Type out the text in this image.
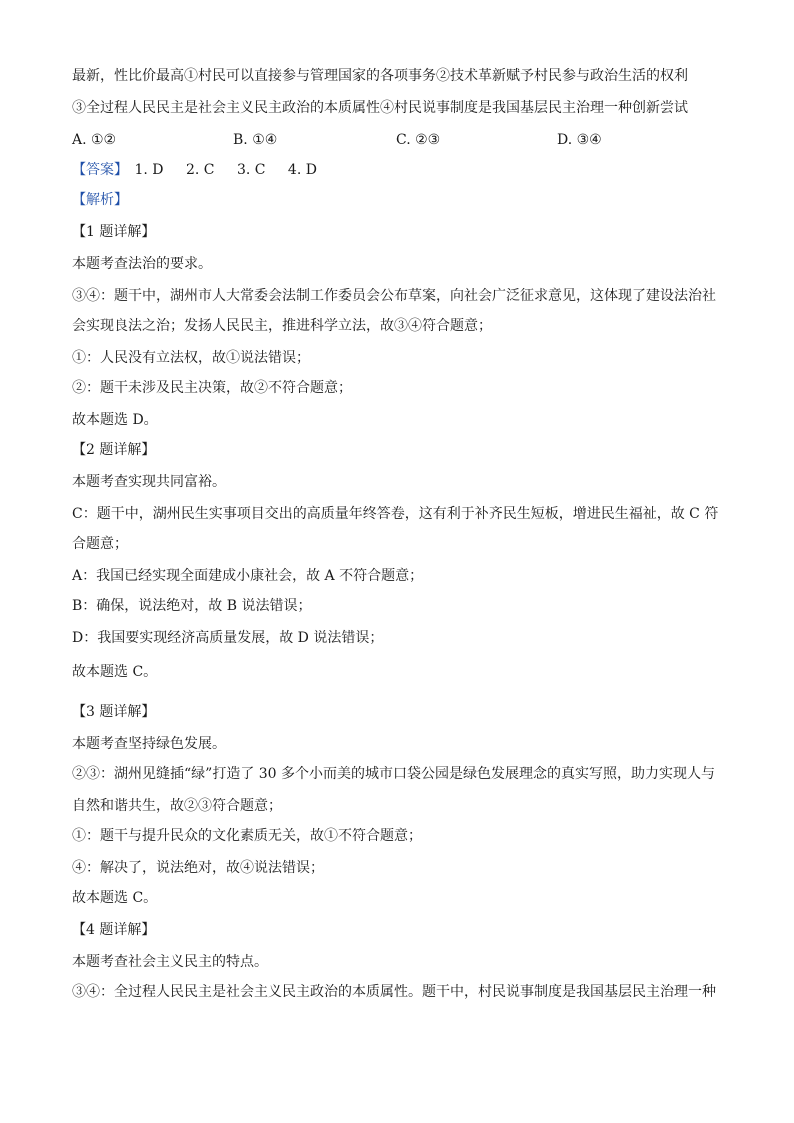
最新，性比价最高①村民可以直接参与管理国家的各项事务②技术革新赋予村民参与政治生活的权利
③全过程人民民主是社会主义民主政治的本质属性④村民说事制度是我国基层民主治理一种创新尝试
A. ①②	B. ①④	C. ②③	D. ③④
【答案】 1. D 2. C 3. C 4. D
【解析】
【1 题详解】
本题考查法治的要求。
③④：题干中，湖州市人大常委会法制工作委员会公布草案，向社会广泛征求意见，这体现了建设法治社
会实现良法之治；发扬人民民主，推进科学立法，故③④符合题意；
①：人民没有立法权，故①说法错误；
②：题干未涉及民主决策，故②不符合题意；
故本题选 D。
【2 题详解】
本题考查实现共同富裕。
C：题干中，湖州民生实事项目交出的高质量年终答卷，这有利于补齐民生短板，增进民生福祉，故 C 符
合题意；
A：我国已经实现全面建成小康社会，故 A 不符合题意；
B：确保，说法绝对，故 B 说法错误；
D：我国要实现经济高质量发展，故 D 说法错误；
故本题选 C。
【3 题详解】
本题考查坚持绿色发展。
②③：湖州见缝插“绿”打造了 30 多个小而美的城市口袋公园是绿色发展理念的真实写照，助力实现人与
自然和谐共生，故②③符合题意；
①：题干与提升民众的文化素质无关，故①不符合题意；
④：解决了，说法绝对，故④说法错误；
故本题选 C。
【4 题详解】
本题考查社会主义民主的特点。
③④：全过程人民民主是社会主义民主政治的本质属性。题干中，村民说事制度是我国基层民主治理一种
